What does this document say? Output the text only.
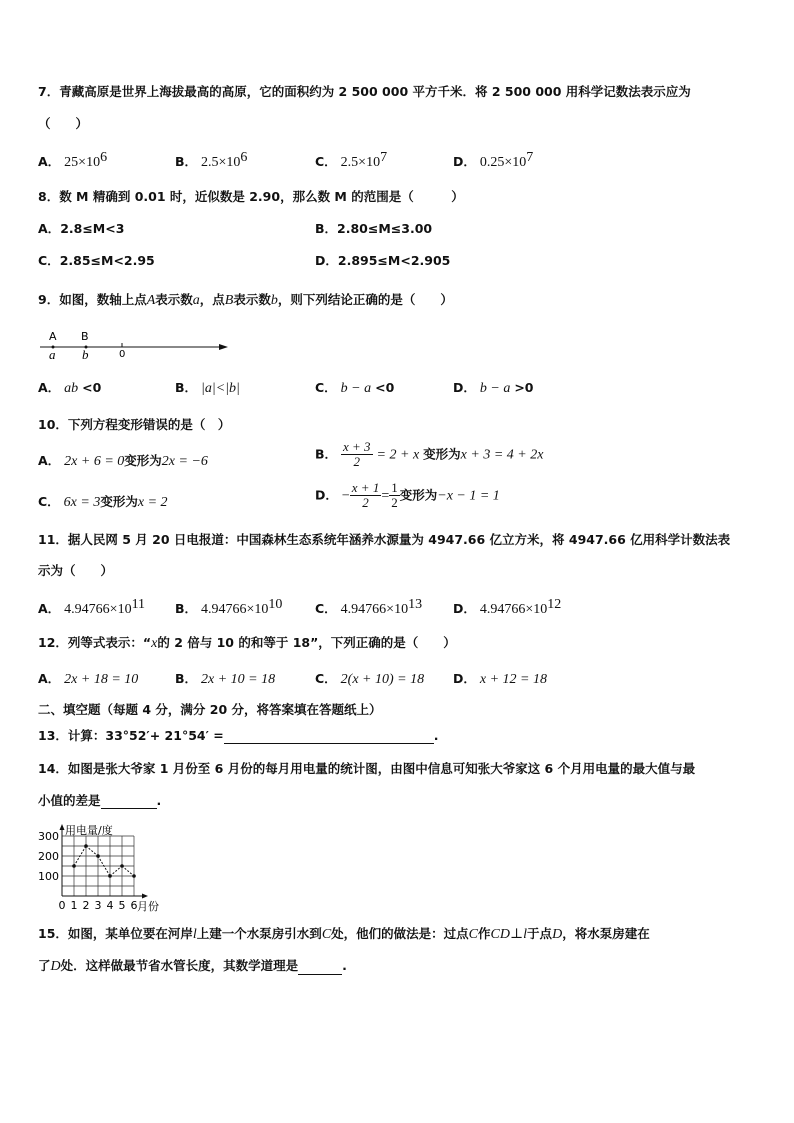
7．青藏高原是世界上海拔最高的高原，它的面积约为 2 500 000 平方千米．将 2 500 000 用科学记数法表示应为
（　　）
A． $25\times 10^6$	B． $2.5\times 10^6$	C． $2.5\times 10^7$	D． $0.25\times 10^7$
8．数 M 精确到 0.01 时，近似数是 2.90，那么数 M 的范围是（　　　）
A．2.8≤M<3	B．2.80≤M≤3.00
C．2.85≤M<2.95	D．2.895≤M<2.905
9．如图，数轴上点A表示数a，点B表示数b，则下列结论正确的是（　　）
A B
a b	0
A． ab <0	B． |a|<|b|	C． b − a <0	D． b − a >0
10．下列方程变形错误的是（　）
A． 2x + 6 = 0变形为2x = −6
B． $\frac{x + 3}{2} = 2 + x$ 变形为x + 3 = 4 + 2x
C． 6x = 3变形为x = 2
D． − $\frac{x + 1}{2} = \frac{1}{2}$ 变形为−x − 1 = 1
11．据人民网 5 月 20 日电报道：中国森林生态系统年涵养水源量为 4947.66 亿立方米，将 4947.66 亿用科学计数法表
示为（　　）
A． $4.94766\times 10^{11}$ B． $4.94766\times 10^{10}$	C． $4.94766\times 10^{13}$ D． $4.94766\times 10^{12}$
12．列等式表示：“x的 2 倍与 10 的和等于 18”，下列正确的是（　　）
A． 2x + 18 = 10	B． 2x + 10 = 18	C． 2(x + 10) = 18 D． x + 12 = 18
二、填空题（每题 4 分，满分 20 分，将答案填在答题纸上）
13．计算：33°52′+ 21°54′ =	.
14．如图是张大爷家 1 月份至 6 月份的每月用电量的统计图，由图中信息可知张大爷家这 6 个月用电量的最大值与最
小值的差是	.
用电量/度
月份
100
200
300
0 1 2 3 4 5 6
15．如图，某单位要在河岸l上建一个水泵房引水到C处，他们的做法是：过点C作CD⊥l于点D，将水泵房建在
了D处．这样做最节省水管长度，其数学道理是	.
